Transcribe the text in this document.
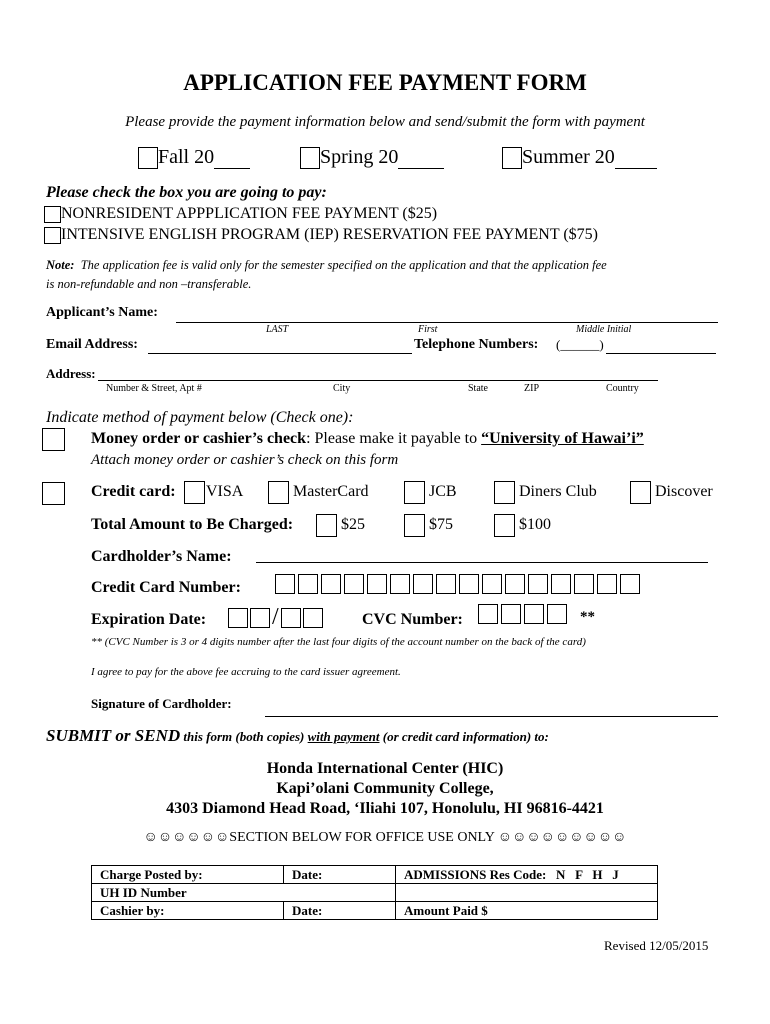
APPLICATION FEE PAYMENT FORM
Please provide the payment information below and send/submit the form with payment
Fall 20	Spring 20	Summer 20
Please check the box you are going to pay:
NONRESIDENT APPPLICATION FEE PAYMENT ($25)
INTENSIVE ENGLISH PROGRAM (IEP) RESERVATION FEE PAYMENT ($75)
Note: The application fee is valid only for the semester specified on the application and that the application fee
is non-refundable and non –transferable.
Applicant’s Name:
LAST	First	Middle Initial
Email Address:	Telephone Numbers: (______)
Address:
Number & Street, Apt #	City	State	ZIP	Country
Indicate method of payment below (Check one):
Money order or cashier’s check: Please make it payable to “University of Hawai’i”
Attach money order or cashier’s check on this form
Credit card: VISA	MasterCard	JCB	Diners Club	Discover
Total Amount to Be Charged:	$25	$75	$100
Cardholder’s Name:
Credit Card Number:
Expiration Date:	/	CVC Number:	**
** (CVC Number is 3 or 4 digits number after the last four digits of the account number on the back of the card)
I agree to pay for the above fee accruing to the card issuer agreement.
Signature of Cardholder:
SUBMIT or SEND this form (both copies) with payment (or credit card information) to:
Honda International Center (HIC)
Kapi’olani Community College,
4303 Diamond Head Road, ‘Iliahi 107, Honolulu, HI 96816-4421
☺☺☺☺☺☺SECTION BELOW FOR OFFICE USE ONLY ☺☺☺☺☺☺☺☺☺
Charge Posted by:	Date:	ADMISSIONS Res Code: N   F   H   J
UH ID Number		
Cashier by:	Date:	Amount Paid $
Revised 12/05/2015
